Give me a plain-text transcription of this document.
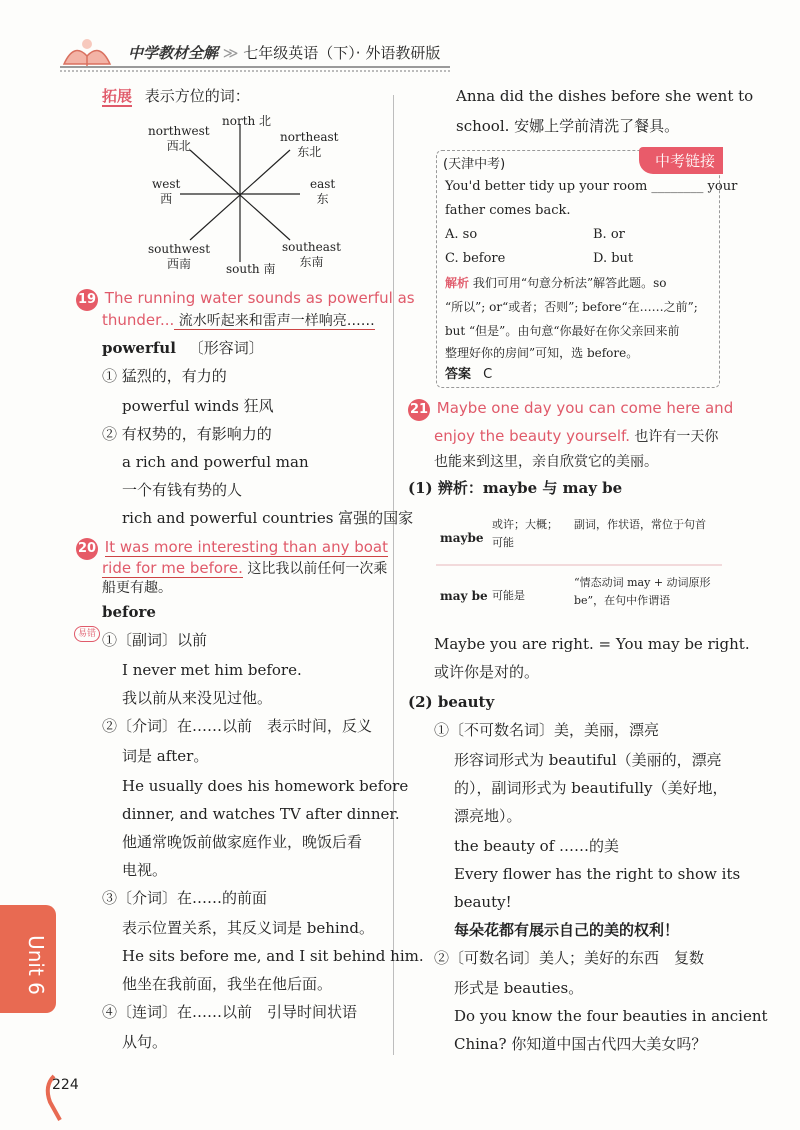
中学教材全解 ≫ 七年级英语（下）· 外语教研版
拓展 表示方位的词：
north 北
northwest
西北
northeast
东北
west
西
east
东
southwest
西南
southeast
东南
south 南
19 The running water sounds as powerful as
thunder... 流水听起来和雷声一样响亮……
powerful 〔形容词〕
① 猛烈的，有力的
powerful winds 狂风
② 有权势的，有影响力的
a rich and powerful man
一个有钱有势的人
rich and powerful countries 富强的国家
20 It was more interesting than any boat
ride for me before. 这比我以前任何一次乘
船更有趣。
before
易错 ①〔副词〕以前
I never met him before.
我以前从来没见过他。
②〔介词〕在……以前　表示时间，反义
词是 after。
He usually does his homework before
dinner, and watches TV after dinner.
他通常晚饭前做家庭作业，晚饭后看
电视。
③〔介词〕在……的前面
表示位置关系，其反义词是 behind。
He sits before me, and I sit behind him.
他坐在我前面，我坐在他后面。
④〔连词〕在……以前　引导时间状语
从句。
Unit 6
224
Anna did the dishes before she went to
school. 安娜上学前清洗了餐具。
中考链接
(天津中考)
You'd better tidy up your room ________ your
father comes back.
A. so	B. or
C. before	D. but
解析 我们可用“句意分析法”解答此题。so
“所以”; or“或者；否则”; before“在……之前”;
but “但是”。由句意“你最好在你父亲回来前
整理好你的房间”可知，选 before。
答案 C
21 Maybe one day you can come here and
enjoy the beauty yourself. 也许有一天你
也能来到这里，亲自欣赏它的美丽。
(1) 辨析：maybe 与 may be
maybe
或许；大概；可能
副词，作状语，常位于句首
may be 可能是
“情态动词 may + 动词原形 be”，在句中作谓语
Maybe you are right. = You may be right.
或许你是对的。
(2) beauty
①〔不可数名词〕美，美丽，漂亮
形容词形式为 beautiful（美丽的，漂亮
的），副词形式为 beautifully（美好地，
漂亮地）。
the beauty of ……的美
Every flower has the right to show its
beauty!
每朵花都有展示自己的美的权利！
②〔可数名词〕美人；美好的东西　复数
形式是 beauties。
Do you know the four beauties in ancient
China? 你知道中国古代四大美女吗？
